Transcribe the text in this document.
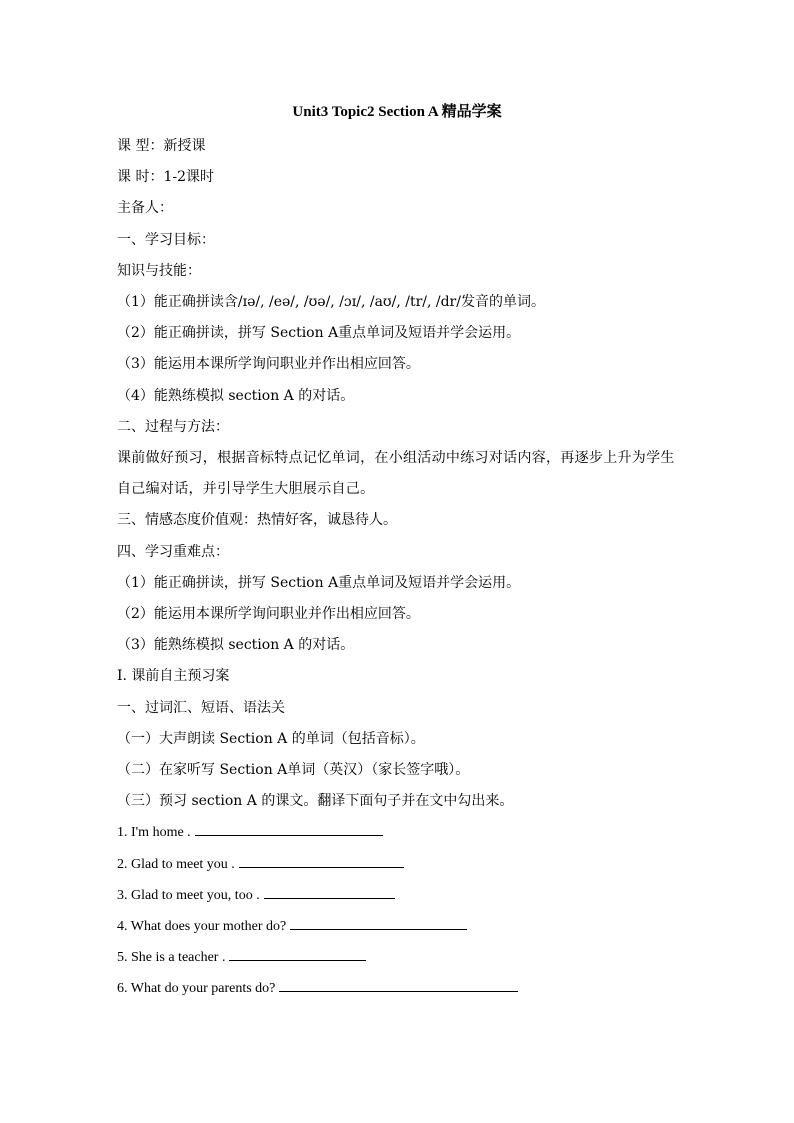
Unit3 Topic2 Section A 精品学案
课 型：新授课
课 时：1-2课时
主备人：
一、学习目标：
知识与技能：
（1）能正确拼读含/ɪə/, /eə/, /ʊə/, /ɔɪ/, /aʊ/, /tr/, /dr/发音的单词。
（2）能正确拼读，拼写 Section A重点单词及短语并学会运用。
（3）能运用本课所学询问职业并作出相应回答。
（4）能熟练模拟 section A 的对话。
二、过程与方法：
课前做好预习，根据音标特点记忆单词，在小组活动中练习对话内容，再逐步上升为学生自己编对话，并引导学生大胆展示自己。
三、情感态度价值观：热情好客，诚恳待人。
四、学习重难点：
（1）能正确拼读，拼写 Section A重点单词及短语并学会运用。
（2）能运用本课所学询问职业并作出相应回答。
（3）能熟练模拟 section A 的对话。
I. 课前自主预习案
一、过词汇、短语、语法关
（一）大声朗读 Section A 的单词（包括音标）。
（二）在家听写 Section A单词（英汉）（家长签字哦）。
（三）预习 section A 的课文。翻译下面句子并在文中勾出来。
1. I'm home .
2. Glad to meet you .
3. Glad to meet you, too .
4. What does your mother do?
5. She is a teacher .
6. What do your parents do?
